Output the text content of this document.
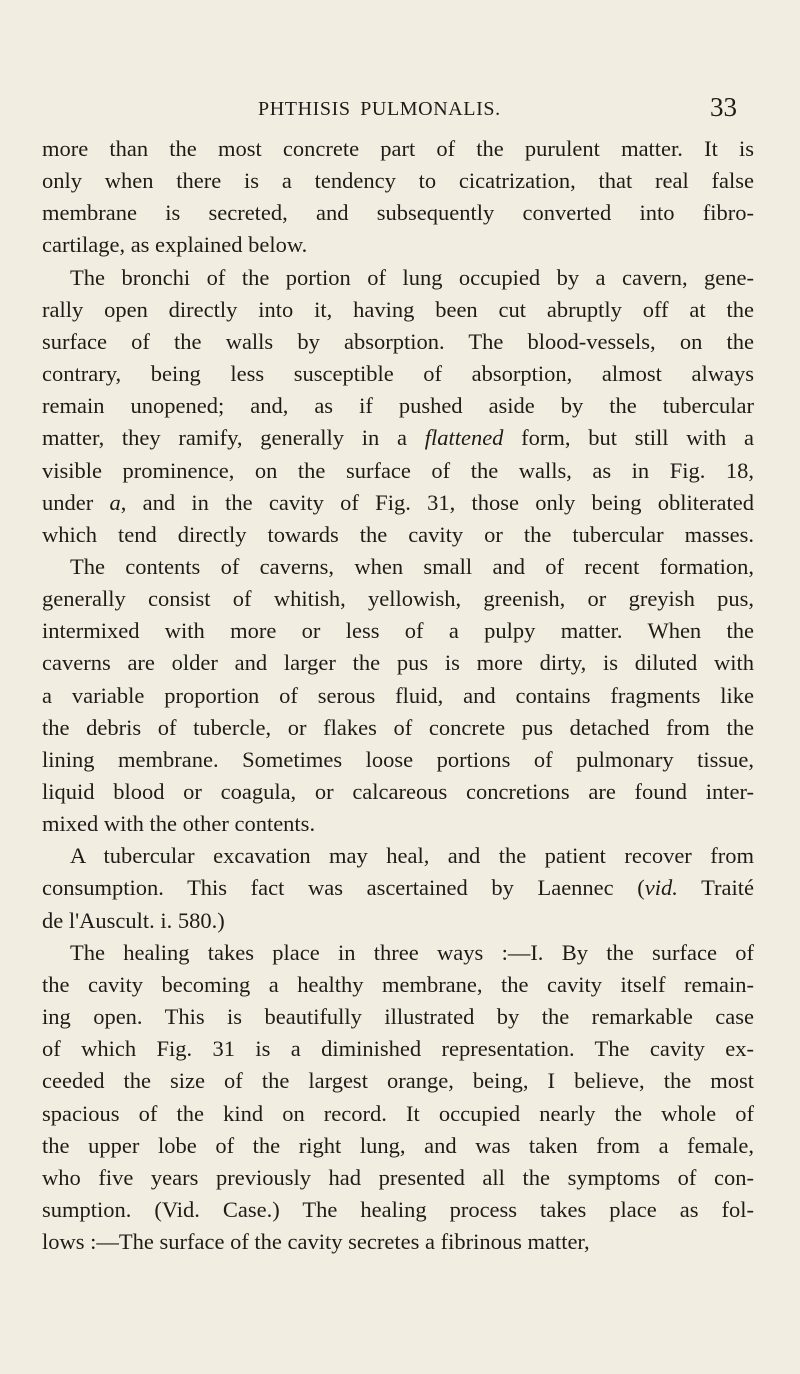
PHTHISIS PULMONALIS.	33
more than the most concrete part of the purulent matter. It is
only when there is a tendency to cicatrization, that real false
membrane is secreted, and subsequently converted into fibro-
cartilage, as explained below.
The bronchi of the portion of lung occupied by a cavern, gene-
rally open directly into it, having been cut abruptly off at the
surface of the walls by absorption. The blood-vessels, on the
contrary, being less susceptible of absorption, almost always
remain unopened; and, as if pushed aside by the tubercular
matter, they ramify, generally in a flattened form, but still with a
visible prominence, on the surface of the walls, as in Fig. 18,
under a, and in the cavity of Fig. 31, those only being obliterated
which tend directly towards the cavity or the tubercular masses.
The contents of caverns, when small and of recent formation,
generally consist of whitish, yellowish, greenish, or greyish pus,
intermixed with more or less of a pulpy matter. When the
caverns are older and larger the pus is more dirty, is diluted with
a variable proportion of serous fluid, and contains fragments like
the debris of tubercle, or flakes of concrete pus detached from the
lining membrane. Sometimes loose portions of pulmonary tissue,
liquid blood or coagula, or calcareous concretions are found inter-
mixed with the other contents.
A tubercular excavation may heal, and the patient recover from
consumption. This fact was ascertained by Laennec (vid. Traité
de l'Auscult. i. 580.)
The healing takes place in three ways :—I. By the surface of
the cavity becoming a healthy membrane, the cavity itself remain-
ing open. This is beautifully illustrated by the remarkable case
of which Fig. 31 is a diminished representation. The cavity ex-
ceeded the size of the largest orange, being, I believe, the most
spacious of the kind on record. It occupied nearly the whole of
the upper lobe of the right lung, and was taken from a female,
who five years previously had presented all the symptoms of con-
sumption. (Vid. Case.) The healing process takes place as fol-
lows :—The surface of the cavity secretes a fibrinous matter,
